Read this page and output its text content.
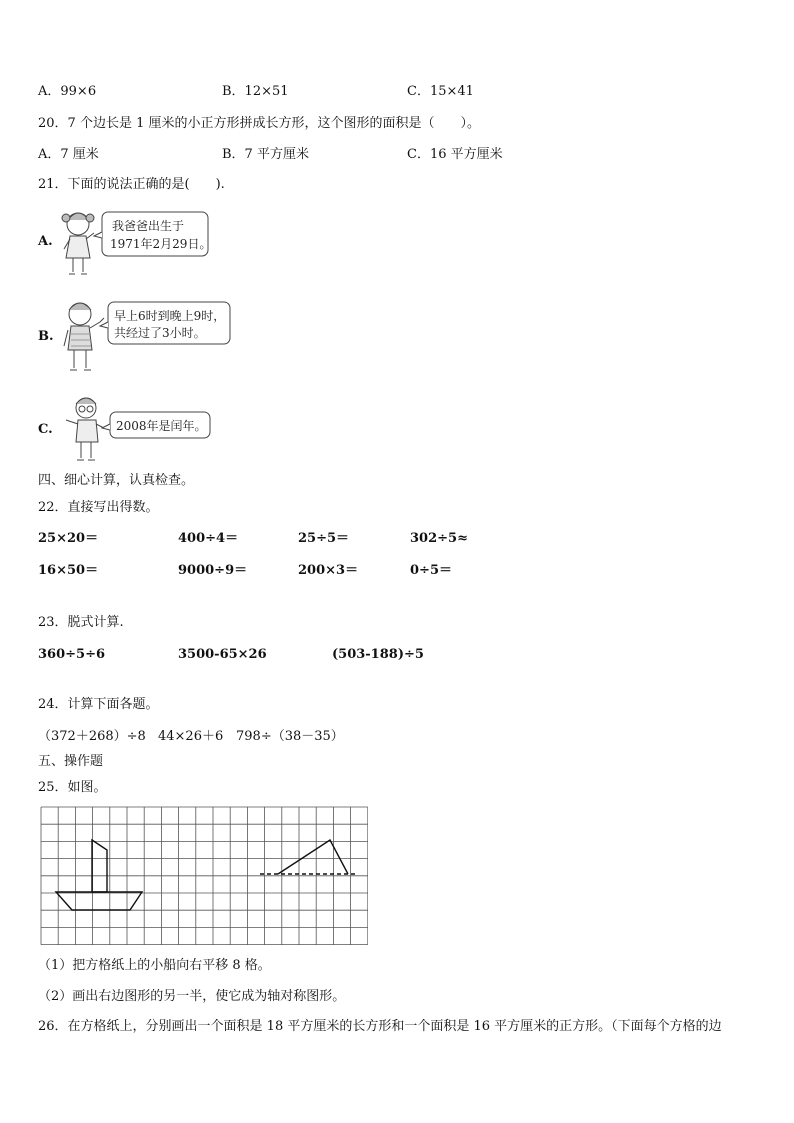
A．99×6	B．12×51	C．15×41
20．7 个边长是 1 厘米的小正方形拼成长方形，这个图形的面积是（　　）。
A．7 厘米	B．7 平方厘米	C．16 平方厘米
21．下面的说法正确的是(　　).
A.
我爸爸出生于
1971年2月29日。
B.
早上6时到晚上9时，
共经过了3小时。
C.	2008年是闰年。
四、细心计算，认真检查。
22．直接写出得数。
25×20＝	400÷4＝	25÷5＝	302÷5≈
16×50＝	9000÷9＝	200×3＝	0÷5＝
23．脱式计算.
360÷5÷6	3500-65×26	(503-188)÷5
24．计算下面各题。
（372＋268）÷8 44×26＋6 798÷（38－35）
五、操作题
25．如图。
（1）把方格纸上的小船向右平移 8 格。
（2）画出右边图形的另一半，使它成为轴对称图形。
26．在方格纸上，分别画出一个面积是 18 平方厘米的长方形和一个面积是 16 平方厘米的正方形。（下面每个方格的边
